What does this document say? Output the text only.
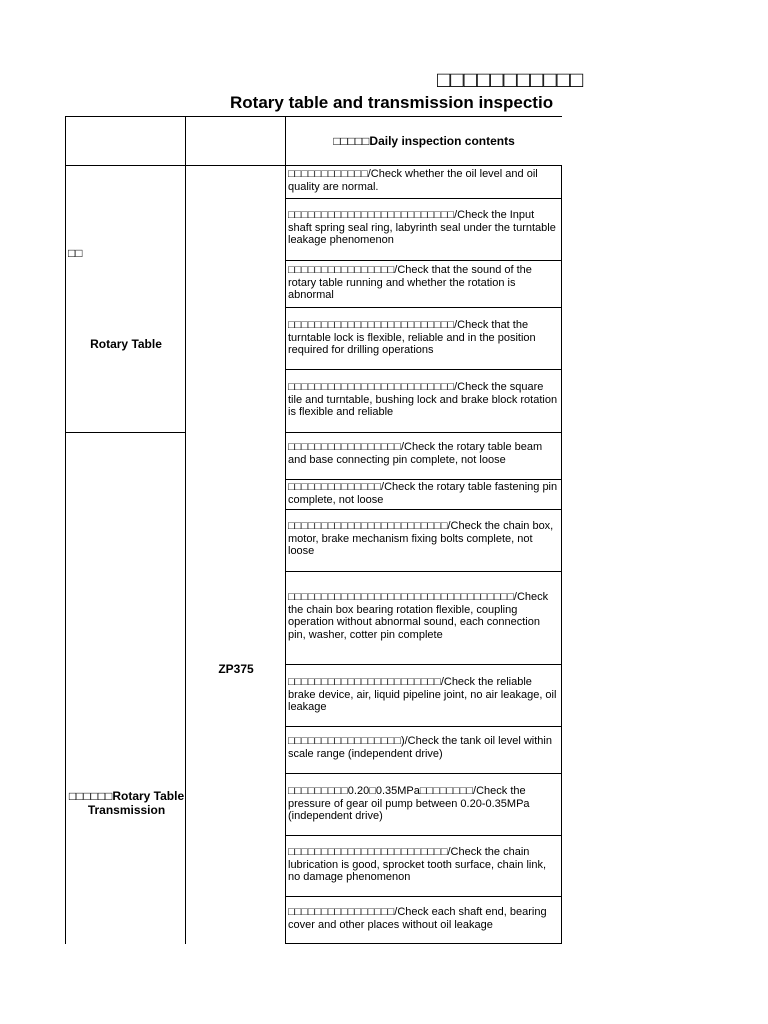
□□□□□□□□□□□
Rotary table and transmission inspectio
□□□□□Daily inspection contents
□□
Rotary Table
□□□□□□Rotary Table Transmission
ZP375
□□□□□□□□□□□□/Check whether the oil level and oil quality are normal.
□□□□□□□□□□□□□□□□□□□□□□□□□/Check the Input shaft spring seal ring, labyrinth seal under the turntable leakage phenomenon
□□□□□□□□□□□□□□□□/Check that the sound of the rotary table running and whether the rotation is abnormal
□□□□□□□□□□□□□□□□□□□□□□□□□/Check that the turntable lock is flexible, reliable and in the position required for drilling operations
□□□□□□□□□□□□□□□□□□□□□□□□□/Check the square tile and turntable, bushing lock and brake block rotation is flexible and reliable
□□□□□□□□□□□□□□□□□/Check the rotary table beam and base connecting pin complete, not loose
□□□□□□□□□□□□□□/Check the rotary table fastening pin complete, not loose
□□□□□□□□□□□□□□□□□□□□□□□□/Check the chain box, motor, brake mechanism fixing bolts complete, not loose
□□□□□□□□□□□□□□□□□□□□□□□□□□□□□□□□□□/Check the chain box bearing rotation flexible, coupling operation without abnormal sound, each connection pin, washer, cotter pin complete
□□□□□□□□□□□□□□□□□□□□□□□/Check the reliable brake device, air, liquid pipeline joint, no air leakage, oil leakage
□□□□□□□□□□□□□□□□□)/Check the tank oil level within scale range (independent drive)
□□□□□□□□□0.20□0.35MPa□□□□□□□□/Check the pressure of gear oil pump between 0.20-0.35MPa (independent drive)
□□□□□□□□□□□□□□□□□□□□□□□□/Check the chain lubrication is good, sprocket tooth surface, chain link, no damage phenomenon
□□□□□□□□□□□□□□□□/Check each shaft end, bearing cover and other places without oil leakage
